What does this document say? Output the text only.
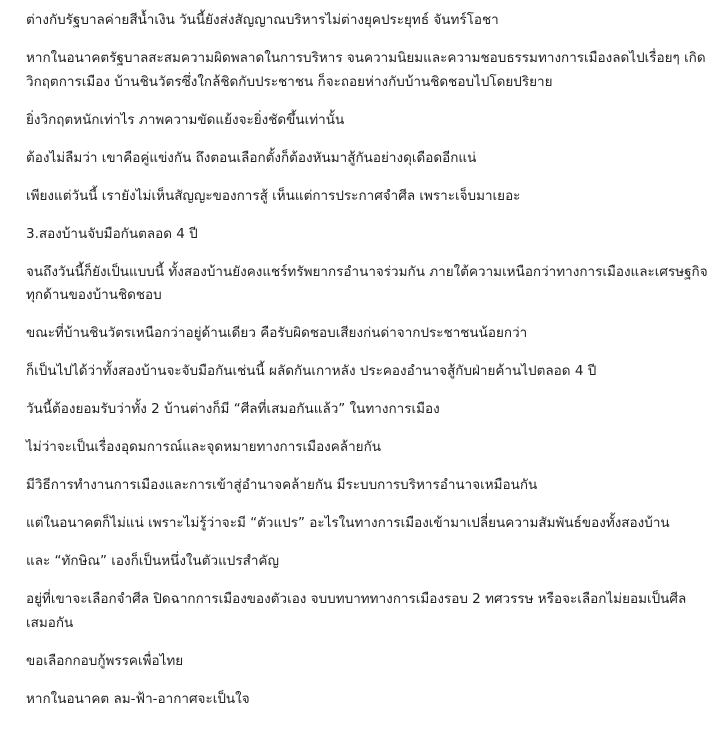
ต่างกับรัฐบาลค่ายสีน้ำเงิน วันนี้ยังส่งสัญญาณบริหารไม่ต่างยุคประยุทธ์ จันทร์โอชา

หากในอนาคตรัฐบาลสะสมความผิดพลาดในการบริหาร จนความนิยมและความชอบธรรมทางการเมืองลดไปเรื่อยๆ เกิดวิกฤตการเมือง บ้านชินวัตรซึ่งใกล้ชิดกับประชาชน ก็จะถอยห่างกับบ้านชิดชอบไปโดยปริยาย

ยิ่งวิกฤตหนักเท่าไร ภาพความขัดแย้งจะยิ่งชัดขึ้นเท่านั้น

ต้องไม่ลืมว่า เขาคือคู่แข่งกัน ถึงตอนเลือกตั้งก็ต้องหันมาสู้กันอย่างดุเดือดอีกแน่

เพียงแต่วันนี้ เรายังไม่เห็นสัญญะของการสู้ เห็นแต่การประกาศจำศีล เพราะเจ็บมาเยอะ

3.สองบ้านจับมือกันตลอด 4 ปี

จนถึงวันนี้ก็ยังเป็นแบบนี้ ทั้งสองบ้านยังคงแชร์ทรัพยากรอำนาจร่วมกัน ภายใต้ความเหนือกว่าทางการเมืองและเศรษฐกิจทุกด้านของบ้านชิดชอบ

ขณะที่บ้านชินวัตรเหนือกว่าอยู่ด้านเดียว คือรับผิดชอบเสียงก่นด่าจากประชาชนน้อยกว่า

ก็เป็นไปได้ว่าทั้งสองบ้านจะจับมือกันเช่นนี้ ผลัดกันเกาหลัง ประคองอำนาจสู้กับฝ่ายค้านไปตลอด 4 ปี

วันนี้ต้องยอมรับว่าทั้ง 2 บ้านต่างก็มี “ศีลที่เสมอกันแล้ว” ในทางการเมือง

ไม่ว่าจะเป็นเรื่องอุดมการณ์และจุดหมายทางการเมืองคล้ายกัน

มีวิธีการทำงานการเมืองและการเข้าสู่อำนาจคล้ายกัน มีระบบการบริหารอำนาจเหมือนกัน

แต่ในอนาคตก็ไม่แน่ เพราะไม่รู้ว่าจะมี “ตัวแปร” อะไรในทางการเมืองเข้ามาเปลี่ยนความสัมพันธ์ของทั้งสองบ้าน

และ “ทักษิณ” เองก็เป็นหนึ่งในตัวแปรสำคัญ

อยู่ที่เขาจะเลือกจำศีล ปิดฉากการเมืองของตัวเอง จบบทบาททางการเมืองรอบ 2 ทศวรรษ หรือจะเลือกไม่ยอมเป็นศีลเสมอกัน

ขอเลือกกอบกู้พรรคเพื่อไทย

หากในอนาคต ลม-ฟ้า-อากาศจะเป็นใจ
